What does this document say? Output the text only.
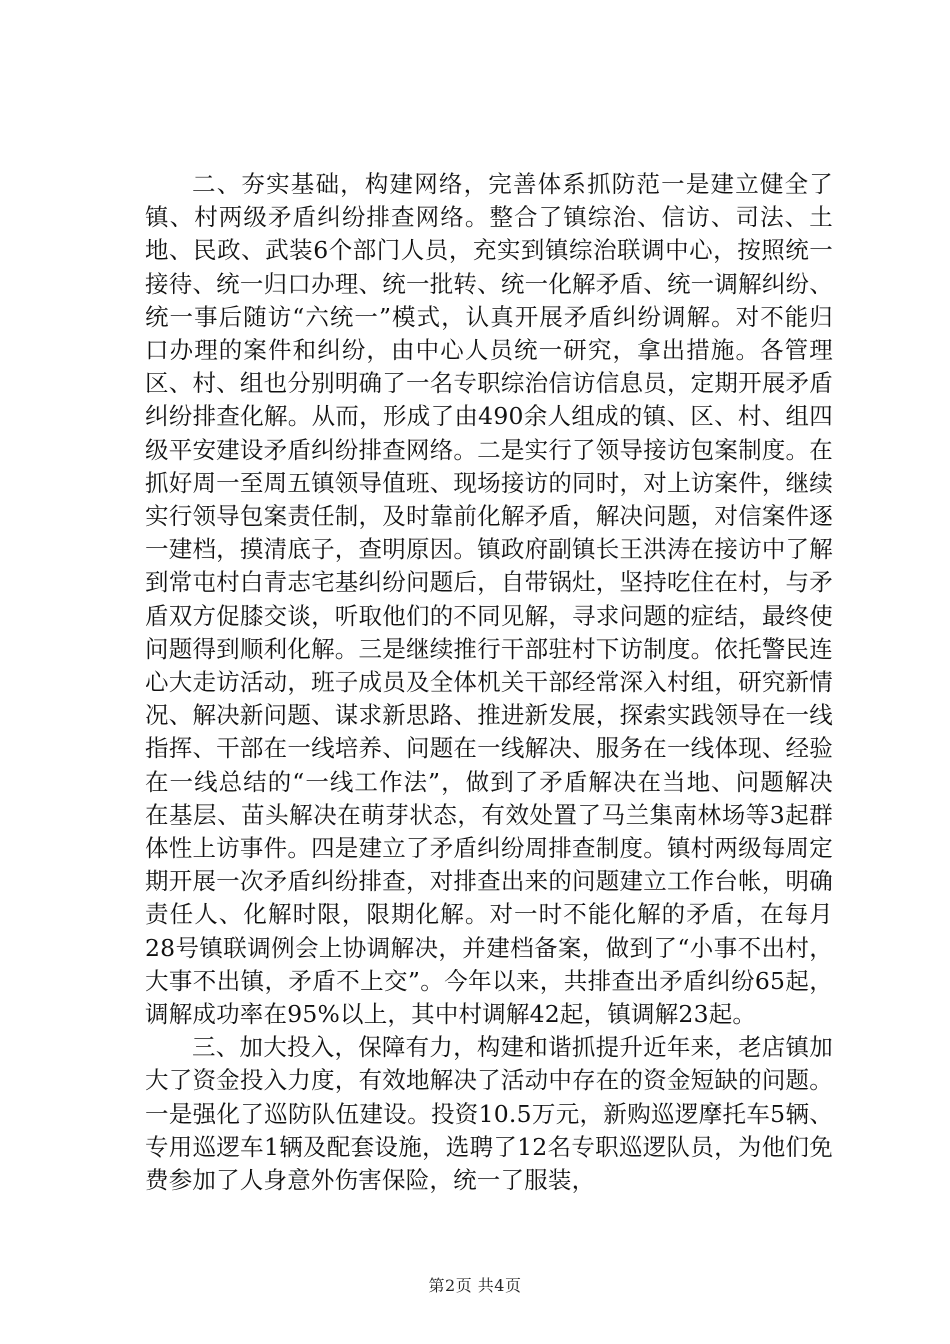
二、夯实基础，构建网络，完善体系抓防范一是建立健全了镇、村两级矛盾纠纷排查网络。整合了镇综治、信访、司法、土地、民政、武装6个部门人员，充实到镇综治联调中心，按照统一接待、统一归口办理、统一批转、统一化解矛盾、统一调解纠纷、统一事后随访“六统一”模式，认真开展矛盾纠纷调解。对不能归口办理的案件和纠纷，由中心人员统一研究，拿出措施。各管理区、村、组也分别明确了一名专职综治信访信息员，定期开展矛盾纠纷排查化解。从而，形成了由490余人组成的镇、区、村、组四级平安建设矛盾纠纷排查网络。二是实行了领导接访包案制度。在抓好周一至周五镇领导值班、现场接访的同时，对上访案件，继续实行领导包案责任制，及时靠前化解矛盾，解决问题，对信案件逐一建档，摸清底子，查明原因。镇政府副镇长王洪涛在接访中了解到常屯村白青志宅基纠纷问题后，自带锅灶，坚持吃住在村，与矛盾双方促膝交谈，听取他们的不同见解，寻求问题的症结，最终使问题得到顺利化解。三是继续推行干部驻村下访制度。依托警民连心大走访活动，班子成员及全体机关干部经常深入村组，研究新情况、解决新问题、谋求新思路、推进新发展，探索实践领导在一线指挥、干部在一线培养、问题在一线解决、服务在一线体现、经验在一线总结的“一线工作法”，做到了矛盾解决在当地、问题解决在基层、苗头解决在萌芽状态，有效处置了马兰集南林场等3起群体性上访事件。四是建立了矛盾纠纷周排查制度。镇村两级每周定期开展一次矛盾纠纷排查，对排查出来的问题建立工作台帐，明确责任人、化解时限，限期化解。对一时不能化解的矛盾，在每月28号镇联调例会上协调解决，并建档备案，做到了“小事不出村，大事不出镇，矛盾不上交”。今年以来，共排查出矛盾纠纷65起，调解成功率在95%以上，其中村调解42起，镇调解23起。

三、加大投入，保障有力，构建和谐抓提升近年来，老店镇加大了资金投入力度，有效地解决了活动中存在的资金短缺的问题。一是强化了巡防队伍建设。投资10.5万元，新购巡逻摩托车5辆、专用巡逻车1辆及配套设施，选聘了12名专职巡逻队员，为他们免费参加了人身意外伤害保险，统一了服装，

第2页 共4页
